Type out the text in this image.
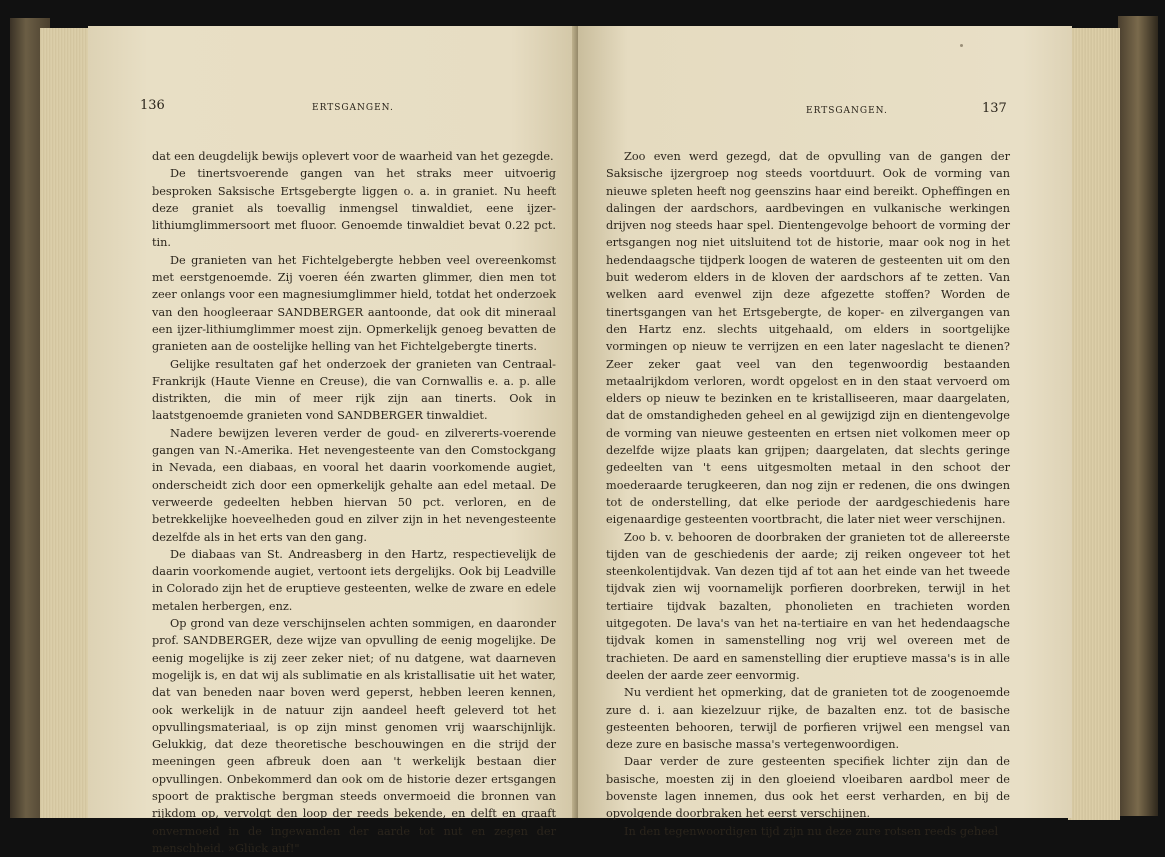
136	ERTSGANGEN.

dat een deugdelijk bewijs oplevert voor de waarheid van het gezegde.

De tinertsvoerende gangen van het straks meer uitvoerig besproken Saksische Ertsgebergte liggen o. a. in graniet. Nu heeft deze graniet als toevallig inmengsel tinwaldiet, eene ijzer-lithiumglimmersoort met fluoor. Genoemde tinwaldiet bevat 0.22 pct. tin.

De granieten van het Fichtelgebergte hebben veel overeenkomst met eerstgenoemde. Zij voeren één zwarten glimmer, dien men tot zeer onlangs voor een magnesiumglimmer hield, totdat het onderzoek van den hoogleeraar SANDBERGER aantoonde, dat ook dit mineraal een ijzer-lithiumglimmer moest zijn. Opmerkelijk genoeg bevatten de granieten aan de oostelijke helling van het Fichtelgebergte tinerts.

Gelijke resultaten gaf het onderzoek der granieten van Centraal-Frankrijk (Haute Vienne en Creuse), die van Cornwallis e. a. p. alle distrikten, die min of meer rijk zijn aan tinerts. Ook in laatstgenoemde granieten vond SANDBERGER tinwaldiet.

Nadere bewijzen leveren verder de goud- en zilvererts-voerende gangen van N.-Amerika. Het nevengesteente van den Comstockgang in Nevada, een diabaas, en vooral het daarin voorkomende augiet, onderscheidt zich door een opmerkelijk gehalte aan edel metaal. De verweerde gedeelten hebben hiervan 50 pct. verloren, en de betrekkelijke hoeveelheden goud en zilver zijn in het nevengesteente dezelfde als in het erts van den gang.

De diabaas van St. Andreasberg in den Hartz, respectievelijk de daarin voorkomende augiet, vertoont iets dergelijks. Ook bij Leadville in Colorado zijn het de eruptieve gesteenten, welke de zware en edele metalen herbergen, enz.

Op grond van deze verschijnselen achten sommigen, en daaronder prof. SANDBERGER, deze wijze van opvulling de eenig mogelijke. De eenig mogelijke is zij zeer zeker niet; of nu datgene, wat daarneven mogelijk is, en dat wij als sublimatie en als kristallisatie uit het water, dat van beneden naar boven werd geperst, hebben leeren kennen, ook werkelijk in de natuur zijn aandeel heeft geleverd tot het opvullingsmateriaal, is op zijn minst genomen vrij waarschijnlijk. Gelukkig, dat deze theoretische beschouwingen en die strijd der meeningen geen afbreuk doen aan 't werkelijk bestaan dier opvullingen. Onbekommerd dan ook om de historie dezer ertsgangen spoort de praktische bergman steeds onvermoeid die bronnen van rijkdom op, vervolgt den loop der reeds bekende, en delft en graaft onvermoeid in de ingewanden der aarde tot nut en zegen der menschheid. »Glück auf!"

ERTSGANGEN.	137

Zoo even werd gezegd, dat de opvulling van de gangen der Saksische ijzergroep nog steeds voortduurt. Ook de vorming van nieuwe spleten heeft nog geenszins haar eind bereikt. Opheffingen en dalingen der aardschors, aardbevingen en vulkanische werkingen drijven nog steeds haar spel. Dientengevolge behoort de vorming der ertsgangen nog niet uitsluitend tot de historie, maar ook nog in het hedendaagsche tijdperk loogen de wateren de gesteenten uit om den buit wederom elders in de kloven der aardschors af te zetten. Van welken aard evenwel zijn deze afgezette stoffen? Worden de tinertsgangen van het Ertsgebergte, de koper- en zilvergangen van den Hartz enz. slechts uitgehaald, om elders in soortgelijke vormingen op nieuw te verrijzen en een later nageslacht te dienen? Zeer zeker gaat veel van den tegenwoordig bestaanden metaalrijkdom verloren, wordt opgelost en in den staat vervoerd om elders op nieuw te bezinken en te kristalliseeren, maar daargelaten, dat de omstandigheden geheel en al gewijzigd zijn en dientengevolge de vorming van nieuwe gesteenten en ertsen niet volkomen meer op dezelfde wijze plaats kan grijpen; daargelaten, dat slechts geringe gedeelten van 't eens uitgesmolten metaal in den schoot der moederaarde terugkeeren, dan nog zijn er redenen, die ons dwingen tot de onderstelling, dat elke periode der aardgeschiedenis hare eigenaardige gesteenten voortbracht, die later niet weer verschijnen.

Zoo b. v. behooren de doorbraken der granieten tot de allereerste tijden van de geschiedenis der aarde; zij reiken ongeveer tot het steenkolentijdvak. Van dezen tijd af tot aan het einde van het tweede tijdvak zien wij voornamelijk porfieren doorbreken, terwijl in het tertiaire tijdvak bazalten, phonolieten en trachieten worden uitgegoten. De lava's van het na-tertiaire en van het hedendaagsche tijdvak komen in samenstelling nog vrij wel overeen met de trachieten. De aard en samenstelling dier eruptieve massa's is in alle deelen der aarde zeer eenvormig.

Nu verdient het opmerking, dat de granieten tot de zoogenoemde zure d. i. aan kiezelzuur rijke, de bazalten enz. tot de basische gesteenten behooren, terwijl de porfieren vrijwel een mengsel van deze zure en basische massa's vertegenwoordigen.

Daar verder de zure gesteenten specifiek lichter zijn dan de basische, moesten zij in den gloeiend vloeibaren aardbol meer de bovenste lagen innemen, dus ook het eerst verharden, en bij de opvolgende doorbraken het eerst verschijnen.

In den tegenwoordigen tijd zijn nu deze zure rotsen reeds geheel
